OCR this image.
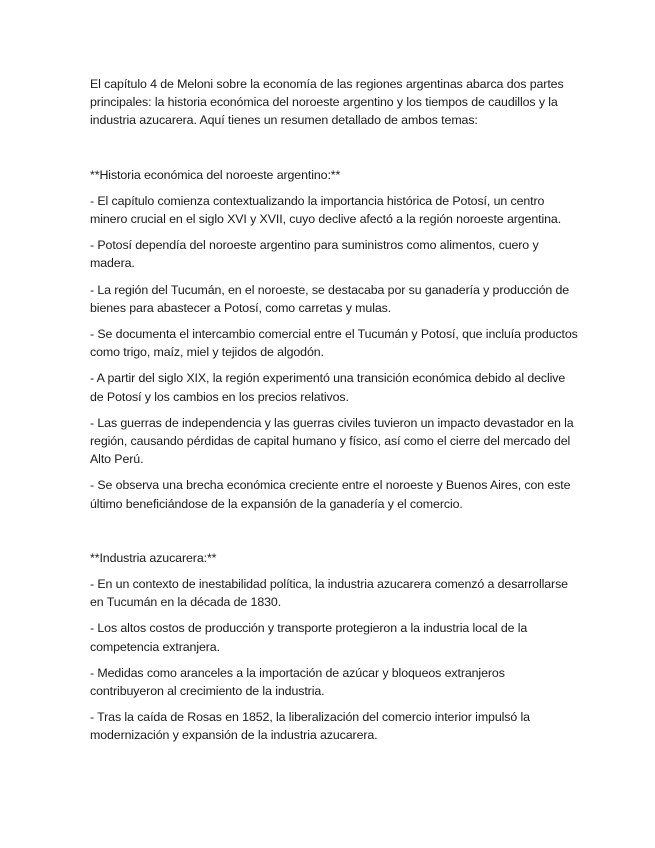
El capítulo 4 de Meloni sobre la economía de las regiones argentinas abarca dos partes principales: la historia económica del noroeste argentino y los tiempos de caudillos y la industria azucarera. Aquí tienes un resumen detallado de ambos temas:

**Historia económica del noroeste argentino:**

- El capítulo comienza contextualizando la importancia histórica de Potosí, un centro minero crucial en el siglo XVI y XVII, cuyo declive afectó a la región noroeste argentina.

- Potosí dependía del noroeste argentino para suministros como alimentos, cuero y madera.

- La región del Tucumán, en el noroeste, se destacaba por su ganadería y producción de bienes para abastecer a Potosí, como carretas y mulas.

- Se documenta el intercambio comercial entre el Tucumán y Potosí, que incluía productos como trigo, maíz, miel y tejidos de algodón.

- A partir del siglo XIX, la región experimentó una transición económica debido al declive de Potosí y los cambios en los precios relativos.

- Las guerras de independencia y las guerras civiles tuvieron un impacto devastador en la región, causando pérdidas de capital humano y físico, así como el cierre del mercado del Alto Perú.

- Se observa una brecha económica creciente entre el noroeste y Buenos Aires, con este último beneficiándose de la expansión de la ganadería y el comercio.

**Industria azucarera:**

- En un contexto de inestabilidad política, la industria azucarera comenzó a desarrollarse en Tucumán en la década de 1830.

- Los altos costos de producción y transporte protegieron a la industria local de la competencia extranjera.

- Medidas como aranceles a la importación de azúcar y bloqueos extranjeros contribuyeron al crecimiento de la industria.

- Tras la caída de Rosas en 1852, la liberalización del comercio interior impulsó la modernización y expansión de la industria azucarera.
